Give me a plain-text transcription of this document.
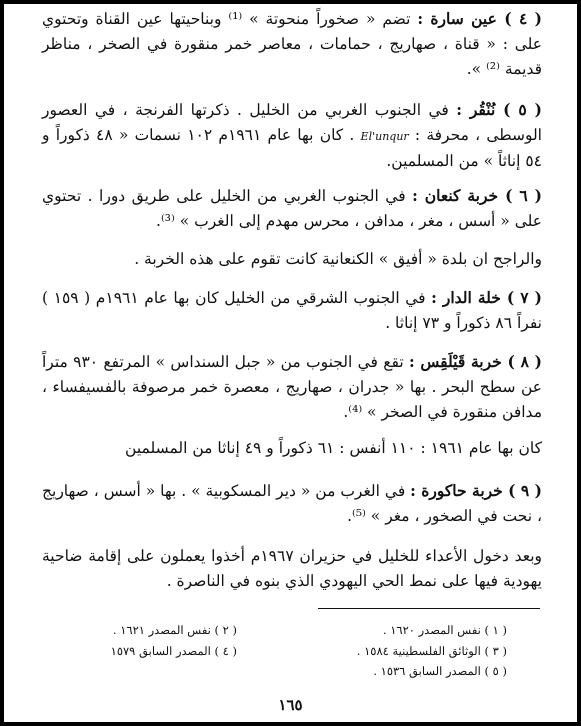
( ٤ ) عين سارة : تضم « صخوراً منحوتة » ⁽¹⁾ وبناحيتها عين القناة وتحتوي على : « قناة ، صهاريج ، حمامات ، معاصر خمر منقورة في الصخر ، مناظر قديمة ⁽²⁾ ».
( ٥ ) نُنْقُر : في الجنوب الغربي من الخليل . ذكرتها الفرنجة ، في العصور الوسطى ، محرفة : El'unqur . كان بها عام ١٩٦١م ١٠٢ نسمات « ٤٨ ذكوراً و ٥٤ إناثاً » من المسلمين.
( ٦ ) خربة كنعان : في الجنوب الغربي من الخليل على طريق دورا . تحتوي على « أسس ، مغر ، مدافن ، محرس مهدم إلى الغرب » ⁽³⁾.
والراجح ان بلدة « أفيق » الكنعانية كانت تقوم على هذه الخربة .
( ٧ ) خلة الدار : في الجنوب الشرقي من الخليل كان بها عام ١٩٦١م ( ١٥٩ ) نفراً ٨٦ ذكوراً و ٧٣ إناثا .
( ٨ ) خربة قَيْلَقِس : تقع في الجنوب من « جبل السنداس » المرتفع ٩٣٠ متراً عن سطح البحر . بها « جدران ، صهاريج ، معصرة خمر مرصوفة بالفسيفساء ، مدافن منقورة في الصخر » ⁽⁴⁾.
كان بها عام ١٩٦١ : ١١٠ أنفس : ٦١ ذكوراً و ٤٩ إناثا من المسلمين
( ٩ ) خربة حاكورة : في الغرب من « دير المسكوبية » . بها « أسس ، صهاريج ، نحت في الصخور ، مغر » ⁽⁵⁾.
وبعد دخول الأعداء للخليل في حزيران ١٩٦٧م أخذوا يعملون على إقامة ضاحية يهودية فيها على نمط الحي اليهودي الذي بنوه في الناصرة .
( ١ ) نفس المصدر ١٦٢٠ .
( ٢ ) نفس المصدر ١٦٢١ .
( ٣ ) الوثائق الفلسطينية ١٥٨٤ .
( ٤ ) المصدر السابق ١٥٧٩
( ٥ ) المصدر السابق ١٥٣٦ .
١٦٥
